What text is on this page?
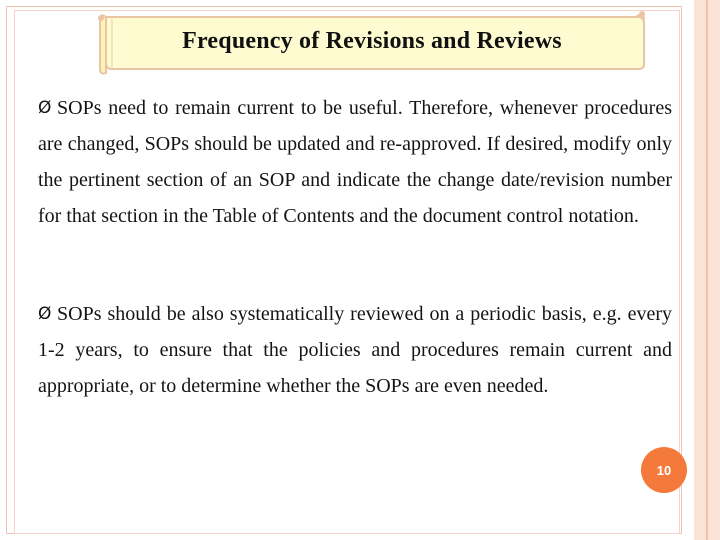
Frequency of Revisions and Reviews
Ø SOPs need to remain current to be useful. Therefore, whenever procedures are changed, SOPs should be updated and re-approved. If desired, modify only the pertinent section of an SOP and indicate the change date/revision number for that section in the Table of Contents and the document control notation.
Ø SOPs should be also systematically reviewed on a periodic basis, e.g. every 1-2 years, to ensure that the policies and procedures remain current and appropriate, or to determine whether the SOPs are even needed.
10
